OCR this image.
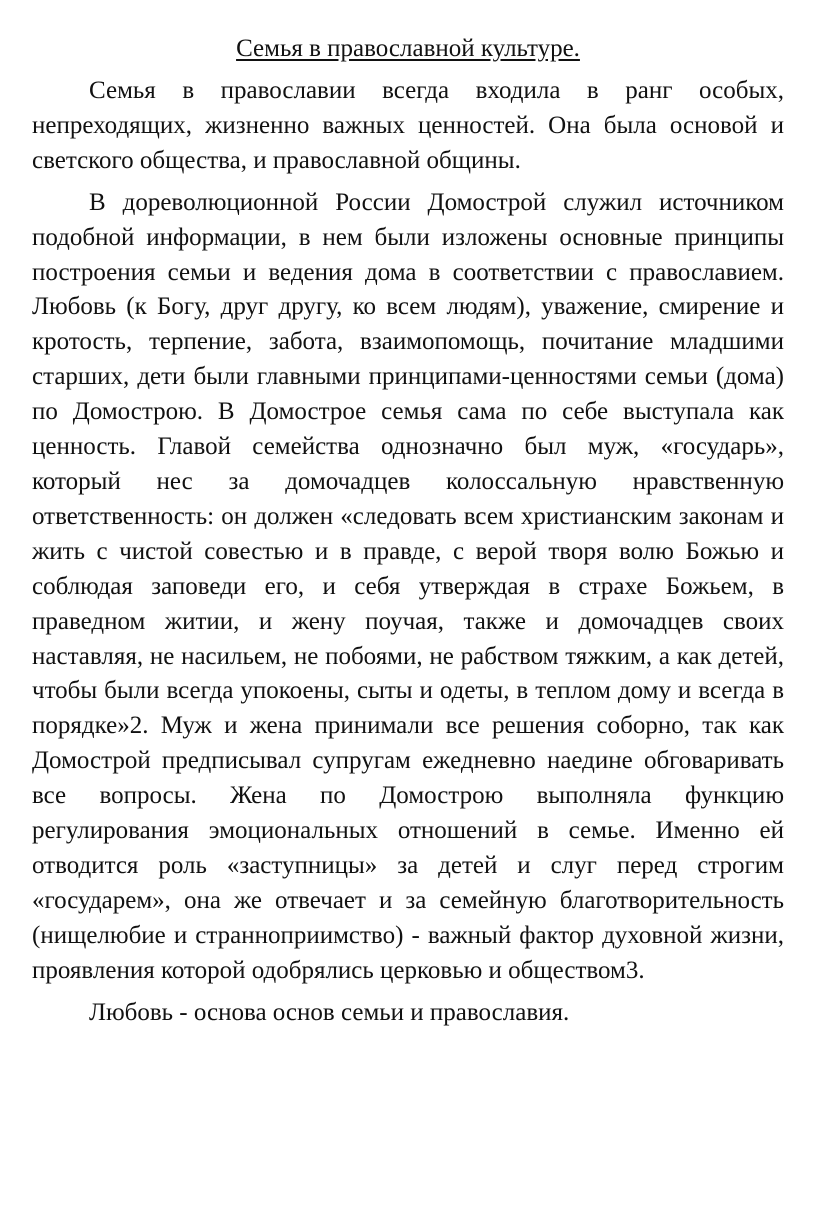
Семья в православной культуре.

Семья в православии всегда входила в ранг особых, непреходящих, жизненно важных ценностей. Она была основой и светского общества, и православной общины.

В дореволюционной России Домострой служил источником подобной информации, в нем были изложены основные принципы построения семьи и ведения дома в соответствии с православием. Любовь (к Богу, друг другу, ко всем людям), уважение, смирение и кротость, терпение, забота, взаимопомощь, почитание младшими старших, дети были главными принципами-ценностями семьи (дома) по Домострою. В Домострое семья сама по себе выступала как ценность. Главой семейства однозначно был муж, «государь», который нес за домочадцев колоссальную нравственную ответственность: он должен «следовать всем христианским законам и жить с чистой совестью и в правде, с верой творя волю Божью и соблюдая заповеди его, и себя утверждая в страхе Божьем, в праведном житии, и жену поучая, также и домочадцев своих наставляя, не насильем, не побоями, не рабством тяжким, а как детей, чтобы были всегда упокоены, сыты и одеты, в теплом дому и всегда в порядке»2. Муж и жена принимали все решения соборно, так как Домострой предписывал супругам ежедневно наедине обговаривать все вопросы. Жена по Домострою выполняла функцию регулирования эмоциональных отношений в семье. Именно ей отводится роль «заступницы» за детей и слуг перед строгим «государем», она же отвечает и за семейную благотворительность (нищелюбие и странноприимство) - важный фактор духовной жизни, проявления которой одобрялись церковью и обществом3.

Любовь - основа основ семьи и православия.
